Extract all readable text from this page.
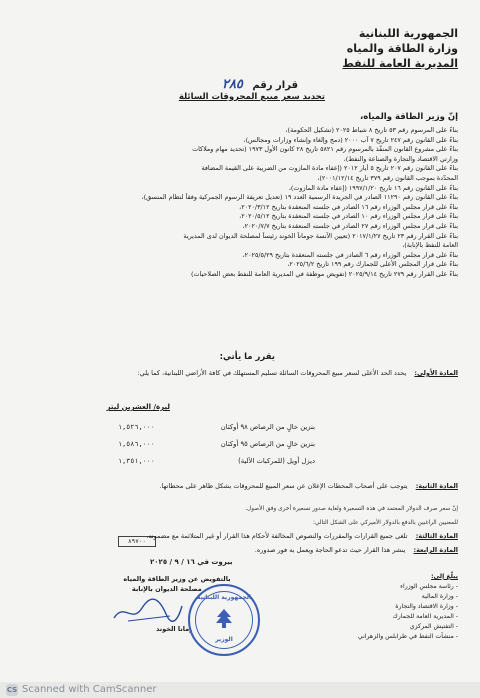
الجمهورية اللبنانية
وزارة الطاقة والمياه
المديرية العامة للنفط
قرار رقم ٢٨٥
تحديد سعر مبيع المحروقات السائلة
إنّ وزير الطاقة والمياه،
بناءً على المرسوم رقم ٥٣ تاريخ ٨ شباط ٢٠٢٥ (تشكيل الحكومة)،
بناءً على القانون رقم ٢٤٧ تاريخ ٧ آب ٢٠٠٠ (دمج وإلغاء وإنشاء وزارات ومجالس)،
بناءً على مشروع القانون المنفّذ بالمرسوم رقم ٥٨٢١ تاريخ ٢٨ كانون الأول ١٩٧٣ (تحديد مهام وملاكات
وزارتي الاقتصاد والتجارة والصناعة والنفط)،
بناءً على القانون رقم ٢٠٧ تاريخ ٥ أيار ٢٠١٢ (إعفاء مادة المازوت من الضريبة على القيمة المضافة
المحدّدة بموجب القانون رقم ٣٧٩ تاريخ ٢٠٠١/١٢/١٤)،
بناءً على القانون رقم ١٦ تاريخ ١٩٩٧/١/٢٠ (إعفاء مادة المازوت)،
بناءً على القانون رقم ١١٢٩٠ الصادر في الجريدة الرسمية العدد ١٩ (تعديل تعريفة الرسوم الجمركية وفقاً لنظام المنسق)،
بناءً على قرار مجلس الوزراء رقم ١٦ الصادر في جلسته المنعقدة بتاريخ ٢٠٢٠/٣/١٢،
بناءً على قرار مجلس الوزراء رقم ١٠ الصادر في جلسته المنعقدة بتاريخ ٢٠٢٠/٥/١٢،
بناءً على قرار مجلس الوزراء رقم ٢٧ الصادر في جلسته المنعقدة بتاريخ ٢٠٢٠/٧/٧،
بناءً على القرار رقم ٢٣ تاريخ ٢٠١٧/١/٢٧ (تعيين الآنسة جوماناً الخوند رئيساً لمصلحة الديوان لدى المديرية
العامة للنفط بالإنابة)،
بناءً على قرار مجلس الوزراء رقم ٦ الصادر في جلسته المنعقدة بتاريخ ٢٠٢٥/٥/٢٩،
بناءً على قرار المجلس الأعلى للجمارك رقم ١٩٩ تاريخ ٢٠٢٥/٦/٢،
بناءً على القرار رقم ٢٧٩ تاريخ ٢٠٢٥/٩/١٤ (تفويض موظفة في المديرية العامة للنفط بعض الصلاحيات)
يقرر ما يأتي:
المادة الأولى: يحدد الحد الأعلى لسعر مبيع المحروقات السائلة تسليم المستهلك في كافة الأراضي اللبنانية، كما يلي:
ليرة/ العشرين ليتر
بنزين خالٍ من الرصاص ٩٨ أوكتان
١,٥٢٦,٠٠٠
بنزين خالٍ من الرصاص ٩٥ أوكتان
١,٥٨٦,٠٠٠
ديزل أويل (للمركبات الآلية)
١,٣٥١,٠٠٠
إنّ سعر صرف الدولار المعتمد في هذه التسعيرة ولغاية صدور تسعيرة أخرى وفق الأصول.
للمعنيين الراغبين بالدفع بالدولار الأميركي على الشكل التالي:
٨٩٧٠٠
المادة الثانية: يتوجب على أصحاب المحطات الإعلان عن سعر المبيع للمحروقات بشكل ظاهر على محطاتها.
المادة الثالثة: تلغى جميع القرارات والمقررات والنصوص المخالفة لأحكام هذا القرار أو غير المتلائمة مع مضمونه.
المادة الرابعة: ينشر هذا القرار حيث تدعو الحاجة ويعمل به فور صدوره.
بيروت في ١٦ / ٩ / ٢٠٢٥
بالتفويض عن وزير الطاقة والمياه
رئيس مصلحة الديوان بالإنابة
جومانا الخوند
الجمهورية اللبنانية
الوزير
يبلّغ إلى:
- رئاسة مجلس الوزراء
- وزارة المالية
- وزارة الاقتصاد والتجارة
- المديرية العامة للجمارك
- التفتيش المركزي
- منشآت النفط في طرابلس والزهراني
CS Scanned with CamScanner
